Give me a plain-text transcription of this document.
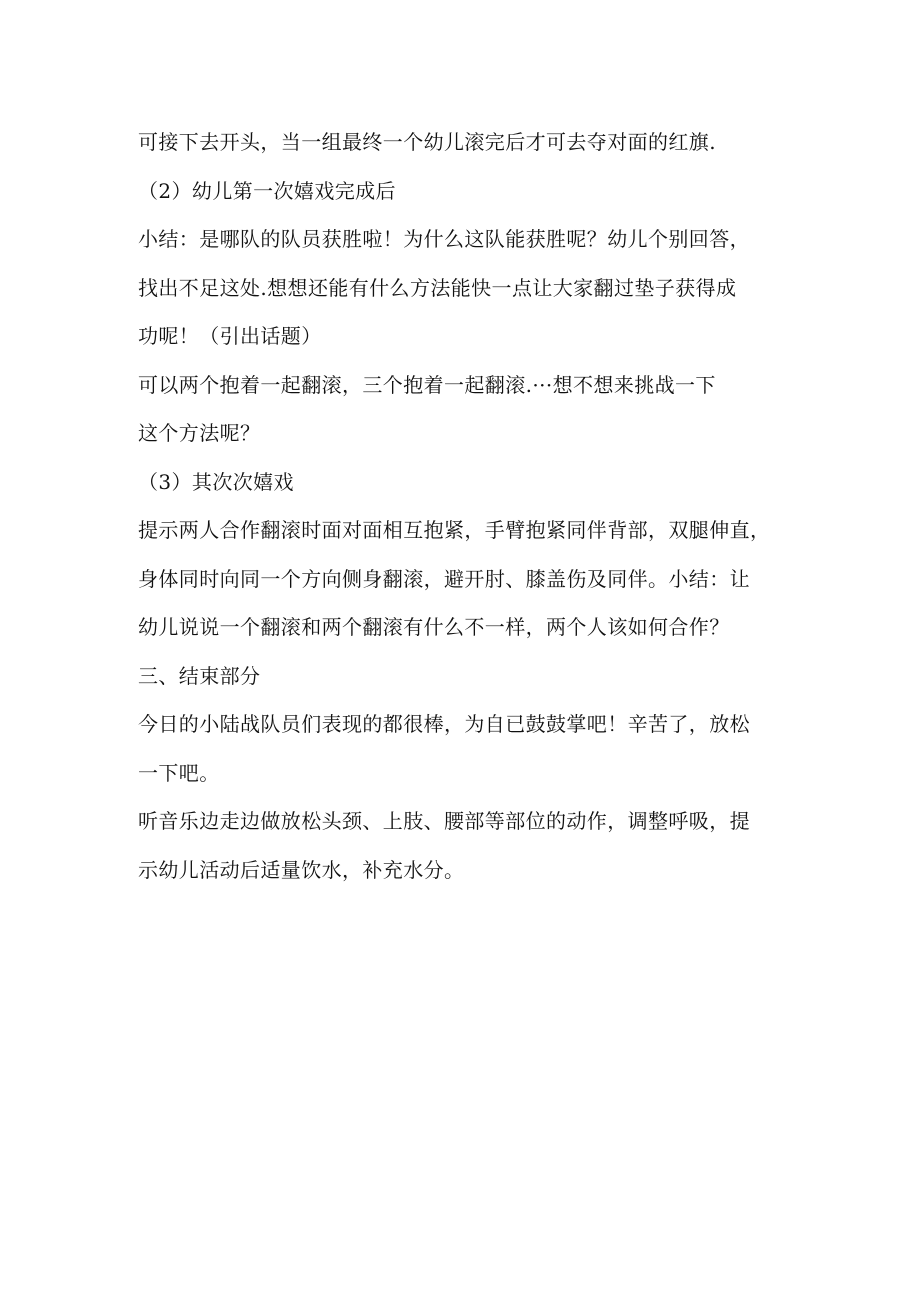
可接下去开头，当一组最终一个幼儿滚完后才可去夺对面的红旗.
（2）幼儿第一次嬉戏完成后
小结：是哪队的队员获胜啦！为什么这队能获胜呢？幼儿个别回答，
找出不足这处.想想还能有什么方法能快一点让大家翻过垫子获得成
功呢！（引出话题）
可以两个抱着一起翻滚，三个抱着一起翻滚.···想不想来挑战一下
这个方法呢？
（3）其次次嬉戏
提示两人合作翻滚时面对面相互抱紧，手臂抱紧同伴背部，双腿伸直，
身体同时向同一个方向侧身翻滚，避开肘、膝盖伤及同伴。小结：让
幼儿说说一个翻滚和两个翻滚有什么不一样，两个人该如何合作？
三、结束部分
今日的小陆战队员们表现的都很棒，为自已鼓鼓掌吧！辛苦了，放松
一下吧。
听音乐边走边做放松头颈、上肢、腰部等部位的动作，调整呼吸，提
示幼儿活动后适量饮水，补充水分。
